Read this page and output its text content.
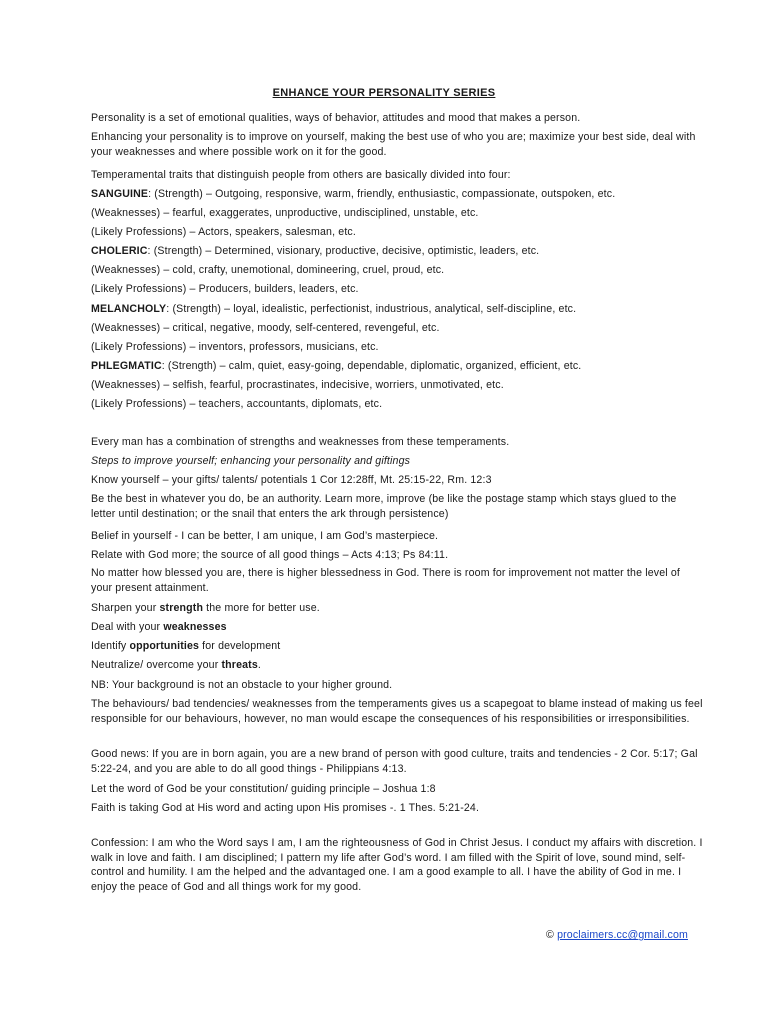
ENHANCE YOUR PERSONALITY SERIES
Personality is a set of emotional qualities, ways of behavior, attitudes and mood that makes a person.
Enhancing your personality is to improve on yourself, making the best use of who you are; maximize your best side, deal with your weaknesses and where possible work on it for the good.
Temperamental traits that distinguish people from others are basically divided into four:
SANGUINE: (Strength) – Outgoing, responsive, warm, friendly, enthusiastic, compassionate, outspoken, etc.
(Weaknesses) – fearful, exaggerates, unproductive, undisciplined, unstable, etc.
(Likely Professions) – Actors, speakers, salesman, etc.
CHOLERIC: (Strength) – Determined, visionary, productive, decisive, optimistic, leaders, etc.
(Weaknesses) – cold, crafty, unemotional, domineering, cruel, proud, etc.
(Likely Professions) – Producers, builders, leaders, etc.
MELANCHOLY: (Strength) – loyal, idealistic, perfectionist, industrious, analytical, self-discipline, etc.
(Weaknesses) – critical, negative, moody, self-centered, revengeful, etc.
(Likely Professions) – inventors, professors, musicians, etc.
PHLEGMATIC: (Strength) – calm, quiet, easy-going, dependable, diplomatic, organized, efficient, etc.
(Weaknesses) – selfish, fearful, procrastinates, indecisive, worriers, unmotivated, etc.
(Likely Professions) – teachers, accountants, diplomats, etc.
Every man has a combination of strengths and weaknesses from these temperaments.
Steps to improve yourself; enhancing your personality and giftings
Know yourself – your gifts/ talents/ potentials 1 Cor 12:28ff, Mt. 25:15-22, Rm. 12:3
Be the best in whatever you do, be an authority. Learn more, improve (be like the postage stamp which stays glued to the letter until destination; or the snail that enters the ark through persistence)
Belief in yourself - I can be better, I am unique, I am God’s masterpiece.
Relate with God more; the source of all good things – Acts 4:13; Ps 84:11.
No matter how blessed you are, there is higher blessedness in God. There is room for improvement not matter the level of your present attainment.
Sharpen your strength the more for better use.
Deal with your weaknesses
Identify opportunities for development
Neutralize/ overcome your threats.
NB: Your background is not an obstacle to your higher ground.
The behaviours/ bad tendencies/ weaknesses from the temperaments gives us a scapegoat to blame instead of making us feel responsible for our behaviours, however, no man would escape the consequences of his responsibilities or irresponsibilities.
Good news: If you are in born again, you are a new brand of person with good culture, traits and tendencies - 2 Cor. 5:17; Gal 5:22-24, and you are able to do all good things - Philippians 4:13.
Let the word of God be your constitution/ guiding principle – Joshua 1:8
Faith is taking God at His word and acting upon His promises -. 1 Thes. 5:21-24.
Confession: I am who the Word says I am, I am the righteousness of God in Christ Jesus. I conduct my affairs with discretion. I walk in love and faith. I am disciplined; I pattern my life after God’s word. I am filled with the Spirit of love, sound mind, self-control and humility. I am the helped and the advantaged one. I am a good example to all. I have the ability of God in me. I enjoy the peace of God and all things work for my good.
© proclaimers.cc@gmail.com
